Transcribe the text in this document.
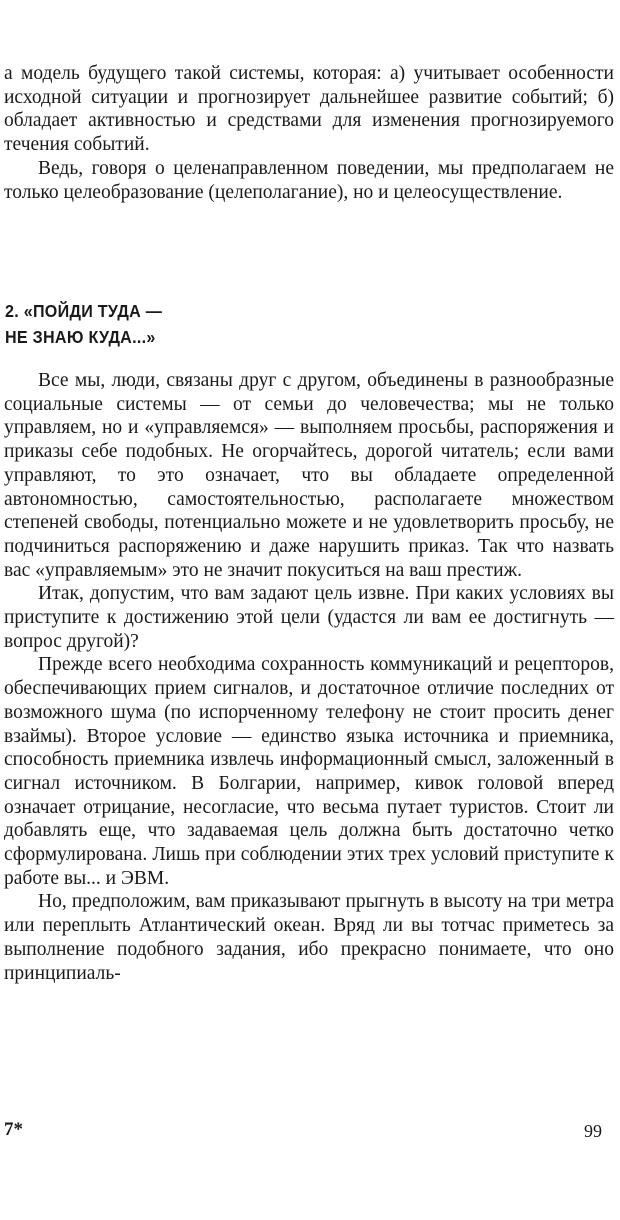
а модель будущего такой системы, которая: а) учитывает особенности исходной ситуации и прогнозирует дальнейшее развитие событий; б) обладает активностью и средствами для изменения прогнозируемого течения событий.

Ведь, говоря о целенаправленном поведении, мы предполагаем не только целеобразование (целеполагание), но и целеосуществление.

2. «ПОЙДИ ТУДА —
НЕ ЗНАЮ КУДА...»

Все мы, люди, связаны друг с другом, объединены в разнообразные социальные системы — от семьи до человечества; мы не только управляем, но и «управляемся» — выполняем просьбы, распоряжения и приказы себе подобных. Не огорчайтесь, дорогой читатель; если вами управляют, то это означает, что вы обладаете определенной автономностью, самостоятельностью, располагаете множеством степеней свободы, потенциально можете и не удовлетворить просьбу, не подчиниться распоряжению и даже нарушить приказ. Так что назвать вас «управляемым» это не значит покуситься на ваш престиж.

Итак, допустим, что вам задают цель извне. При каких условиях вы приступите к достижению этой цели (удастся ли вам ее достигнуть — вопрос другой)?

Прежде всего необходима сохранность коммуникаций и рецепторов, обеспечивающих прием сигналов, и достаточное отличие последних от возможного шума (по испорченному телефону не стоит просить денег взаймы). Второе условие — единство языка источника и приемника, способность приемника извлечь информационный смысл, заложенный в сигнал источником. В Болгарии, например, кивок головой вперед означает отрицание, несогласие, что весьма путает туристов. Стоит ли добавлять еще, что задаваемая цель должна быть достаточно четко сформулирована. Лишь при соблюдении этих трех условий приступите к работе вы... и ЭВМ.

Но, предположим, вам приказывают прыгнуть в высоту на три метра или переплыть Атлантический океан. Вряд ли вы тотчас приметесь за выполнение подобного задания, ибо прекрасно понимаете, что оно принципиаль-

7*	99
